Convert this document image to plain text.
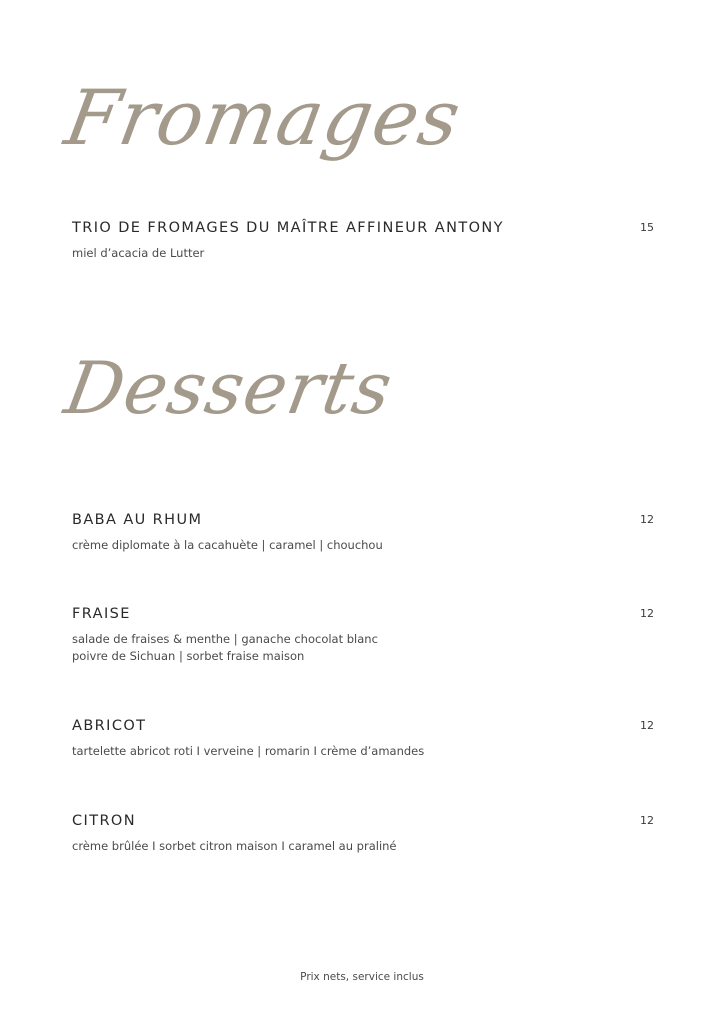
Fromages

TRIO DE FROMAGES DU MAÎTRE AFFINEUR ANTONY	15
miel d’acacia de Lutter
Desserts

BABA AU RHUM	12
crème diplomate à la cacahuète | caramel | chouchou

FRAISE	12
salade de fraises & menthe | ganache chocolat blanc
poivre de Sichuan | sorbet fraise maison

ABRICOT	12
tartelette abricot roti I verveine | romarin I crème d’amandes

CITRON	12
crème brûlée I sorbet citron maison I caramel au praliné
Prix nets, service inclus
